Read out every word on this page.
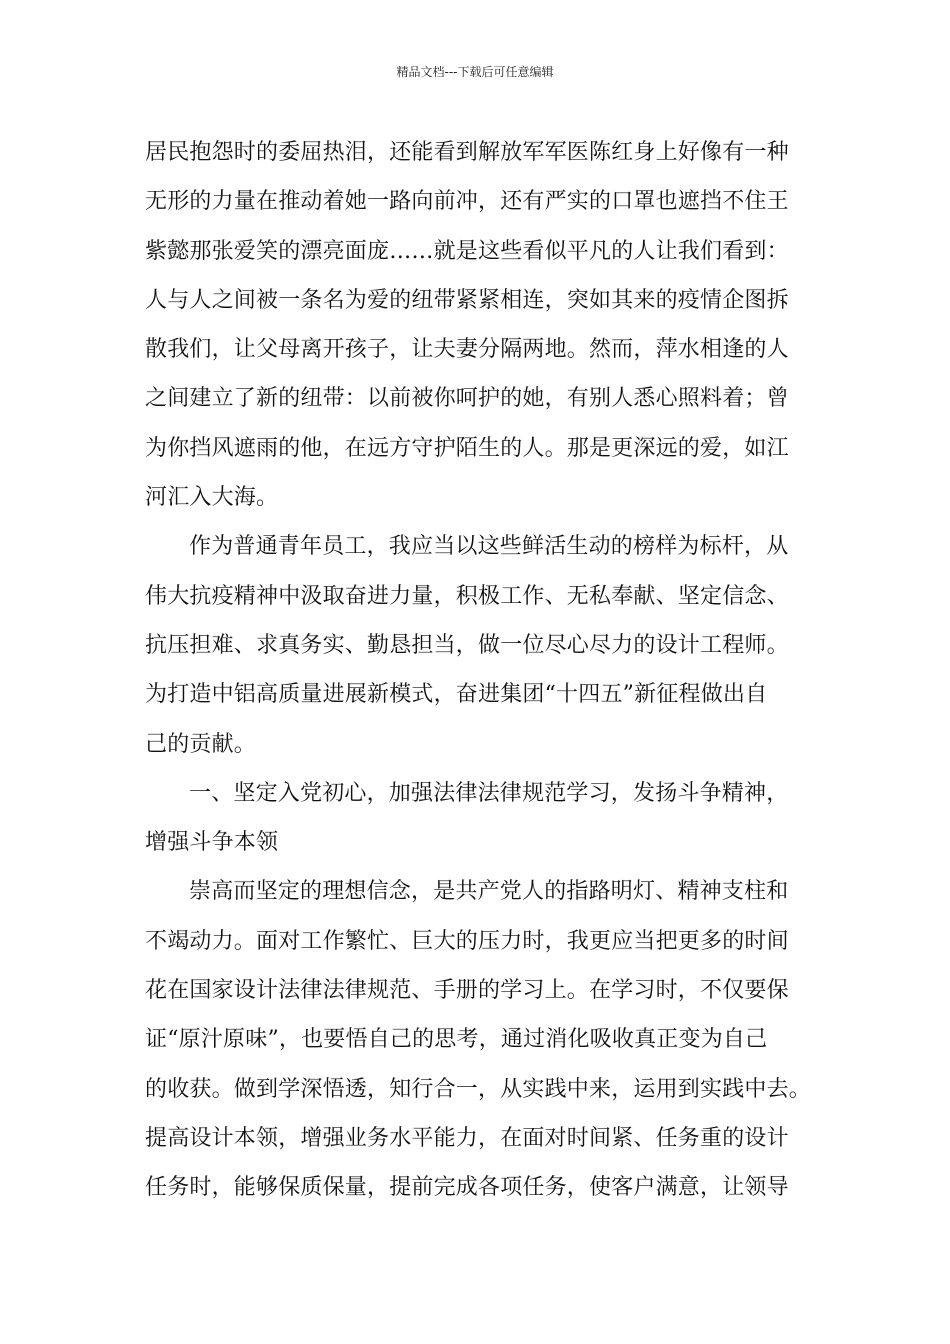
精品文档---下载后可任意编辑
居民抱怨时的委屈热泪，还能看到解放军军医陈红身上好像有一种
无形的力量在推动着她一路向前冲，还有严实的口罩也遮挡不住王
紫懿那张爱笑的漂亮面庞……就是这些看似平凡的人让我们看到：
人与人之间被一条名为爱的纽带紧紧相连，突如其来的疫情企图拆
散我们，让父母离开孩子，让夫妻分隔两地。然而，萍水相逢的人
之间建立了新的纽带：以前被你呵护的她，有别人悉心照料着；曾
为你挡风遮雨的他，在远方守护陌生的人。那是更深远的爱，如江
河汇入大海。
作为普通青年员工，我应当以这些鲜活生动的榜样为标杆，从
伟大抗疫精神中汲取奋进力量，积极工作、无私奉献、坚定信念、
抗压担难、求真务实、勤恳担当，做一位尽心尽力的设计工程师。
为打造中铝高质量进展新模式，奋进集团“十四五”新征程做出自
己的贡献。
一、坚定入党初心，加强法律法律规范学习，发扬斗争精神，
增强斗争本领
崇高而坚定的理想信念，是共产党人的指路明灯、精神支柱和
不竭动力。面对工作繁忙、巨大的压力时，我更应当把更多的时间
花在国家设计法律法律规范、手册的学习上。在学习时，不仅要保
证“原汁原味”，也要悟自己的思考，通过消化吸收真正变为自己
的收获。做到学深悟透，知行合一，从实践中来，运用到实践中去。
提高设计本领，增强业务水平能力，在面对时间紧、任务重的设计
任务时，能够保质保量，提前完成各项任务，使客户满意，让领导
